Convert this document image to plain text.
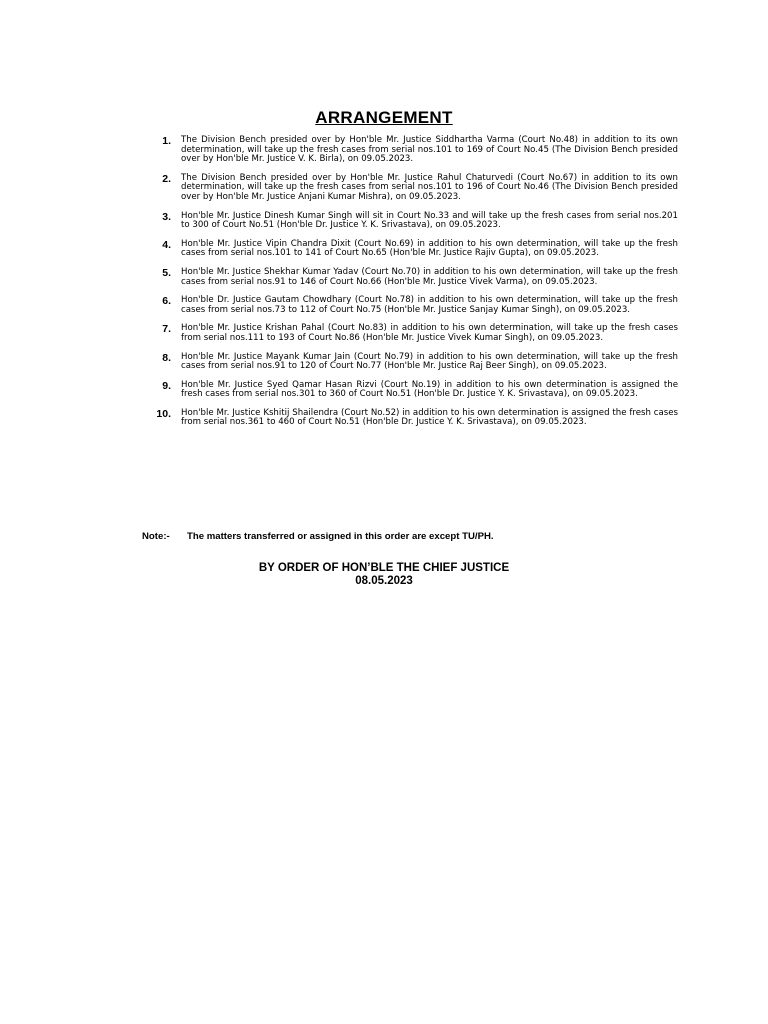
ARRANGEMENT
1.	The Division Bench presided over by Hon'ble Mr. Justice Siddhartha Varma (Court No.48) in addition to its own determination, will take up the fresh cases from serial nos.101 to 169 of Court No.45 (The Division Bench presided over by Hon'ble Mr. Justice V. K. Birla), on 09.05.2023.
2.	The Division Bench presided over by Hon'ble Mr. Justice Rahul Chaturvedi (Court No.67) in addition to its own determination, will take up the fresh cases from serial nos.101 to 196 of Court No.46 (The Division Bench presided over by Hon'ble Mr. Justice Anjani Kumar Mishra), on 09.05.2023.
3.	Hon'ble Mr. Justice Dinesh Kumar Singh will sit in Court No.33 and will take up the fresh cases from serial nos.201 to 300 of Court No.51 (Hon'ble Dr. Justice Y. K. Srivastava), on 09.05.2023.
4.	Hon'ble Mr. Justice Vipin Chandra Dixit (Court No.69) in addition to his own determination, will take up the fresh cases from serial nos.101 to 141 of Court No.65 (Hon'ble Mr. Justice Rajiv Gupta), on 09.05.2023.
5.	Hon'ble Mr. Justice Shekhar Kumar Yadav (Court No.70) in addition to his own determination, will take up the fresh cases from serial nos.91 to 146 of Court No.66 (Hon'ble Mr. Justice Vivek Varma), on 09.05.2023.
6.	Hon'ble Dr. Justice Gautam Chowdhary (Court No.78) in addition to his own determination, will take up the fresh cases from serial nos.73 to 112 of Court No.75 (Hon'ble Mr. Justice Sanjay Kumar Singh), on 09.05.2023.
7.	Hon'ble Mr. Justice Krishan Pahal (Court No.83) in addition to his own determination, will take up the fresh cases from serial nos.111 to 193 of Court No.86 (Hon'ble Mr. Justice Vivek Kumar Singh), on 09.05.2023.
8.	Hon'ble Mr. Justice Mayank Kumar Jain (Court No.79) in addition to his own determination, will take up the fresh cases from serial nos.91 to 120 of Court No.77 (Hon'ble Mr. Justice Raj Beer Singh), on 09.05.2023.
9.	Hon'ble Mr. Justice Syed Qamar Hasan Rizvi (Court No.19) in addition to his own determination is assigned the fresh cases from serial nos.301 to 360 of Court No.51 (Hon'ble Dr. Justice Y. K. Srivastava), on 09.05.2023.
10.	Hon'ble Mr. Justice Kshitij Shailendra (Court No.52) in addition to his own determination is assigned the fresh cases from serial nos.361 to 460 of Court No.51 (Hon'ble Dr. Justice Y. K. Srivastava), on 09.05.2023.
Note:-	The matters transferred or assigned in this order are except TU/PH.
BY ORDER OF HON’BLE THE CHIEF JUSTICE
08.05.2023
